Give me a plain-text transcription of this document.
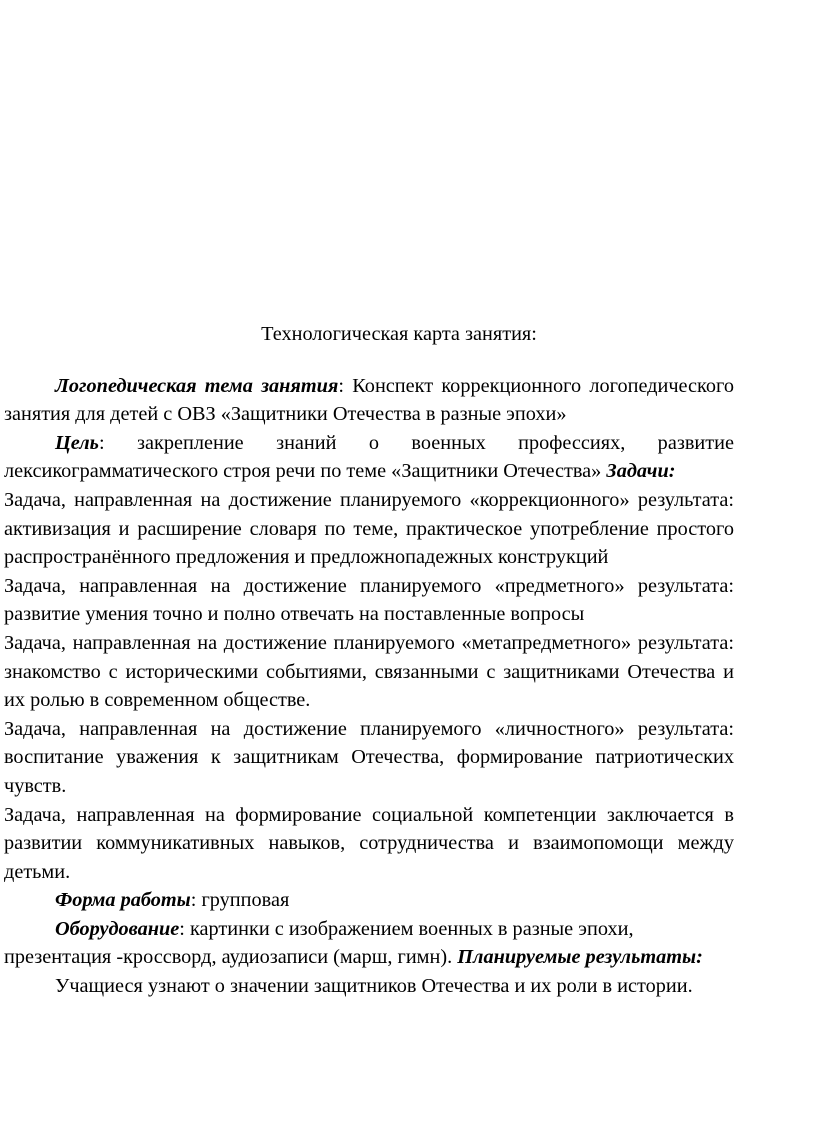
Технологическая карта занятия:

Логопедическая тема занятия: Конспект коррекционного логопедического занятия для детей с ОВЗ «Защитники Отечества в разные эпохи»

Цель: закрепление знаний о военных профессиях, развитие лексикограмматического строя речи по теме «Защитники Отечества» Задачи:

Задача, направленная на достижение планируемого «коррекционного» результата: активизация и расширение словаря по теме, практическое употребление простого распространённого предложения и предложнопадежных конструкций

Задача, направленная на достижение планируемого «предметного» результата: развитие умения точно и полно отвечать на поставленные вопросы

Задача, направленная на достижение планируемого «метапредметного» результата: знакомство с историческими событиями, связанными с защитниками Отечества и их ролью в современном обществе.

Задача, направленная на достижение планируемого «личностного» результата: воспитание уважения к защитникам Отечества, формирование патриотических чувств.

Задача, направленная на формирование социальной компетенции заключается в развитии коммуникативных навыков, сотрудничества и взаимопомощи между детьми.

Форма работы: групповая

Оборудование: картинки с изображением военных в разные эпохи, презентация -кроссворд, аудиозаписи (марш, гимн). Планируемые результаты:

Учащиеся узнают о значении защитников Отечества и их роли в истории.
